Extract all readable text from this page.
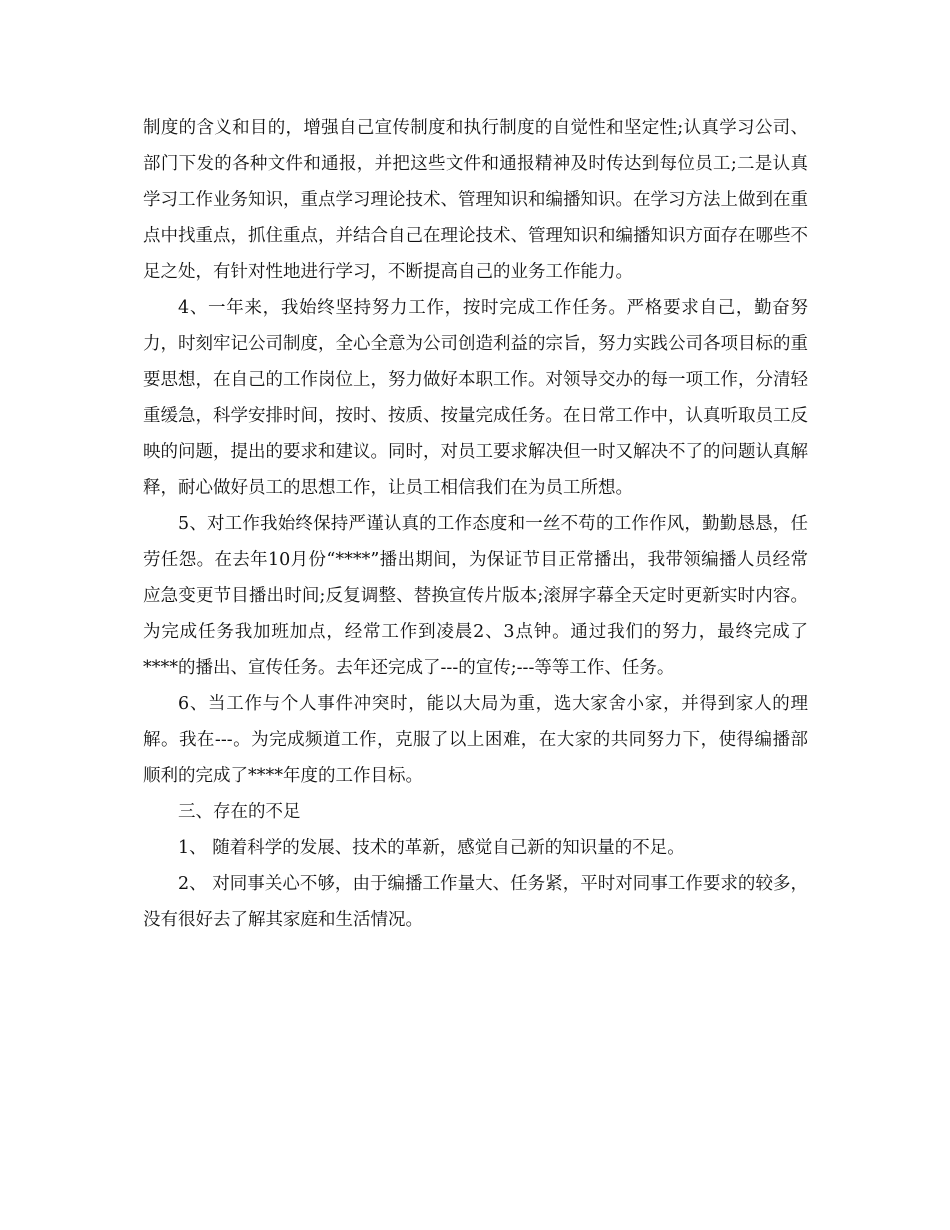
制度的含义和目的，增强自己宣传制度和执行制度的自觉性和坚定性;认真学习公司、部门下发的各种文件和通报，并把这些文件和通报精神及时传达到每位员工;二是认真学习工作业务知识，重点学习理论技术、管理知识和编播知识。在学习方法上做到在重点中找重点，抓住重点，并结合自己在理论技术、管理知识和编播知识方面存在哪些不足之处，有针对性地进行学习，不断提高自己的业务工作能力。

4、一年来，我始终坚持努力工作，按时完成工作任务。严格要求自己，勤奋努力，时刻牢记公司制度，全心全意为公司创造利益的宗旨，努力实践公司各项目标的重要思想，在自己的工作岗位上，努力做好本职工作。对领导交办的每一项工作，分清轻重缓急，科学安排时间，按时、按质、按量完成任务。在日常工作中，认真听取员工反映的问题，提出的要求和建议。同时，对员工要求解决但一时又解决不了的问题认真解释，耐心做好员工的思想工作，让员工相信我们在为员工所想。

5、对工作我始终保持严谨认真的工作态度和一丝不苟的工作作风，勤勤恳恳，任劳任怨。在去年10月份“****”播出期间，为保证节目正常播出，我带领编播人员经常应急变更节目播出时间;反复调整、替换宣传片版本;滚屏字幕全天定时更新实时内容。为完成任务我加班加点，经常工作到凌晨2、3点钟。通过我们的努力，最终完成了****的播出、宣传任务。去年还完成了---的宣传;---等等工作、任务。

6、当工作与个人事件冲突时，能以大局为重，选大家舍小家，并得到家人的理解。我在---。为完成频道工作，克服了以上困难，在大家的共同努力下，使得编播部顺利的完成了****年度的工作目标。

三、存在的不足

1、 随着科学的发展、技术的革新，感觉自己新的知识量的不足。

2、 对同事关心不够，由于编播工作量大、任务紧，平时对同事工作要求的较多，没有很好去了解其家庭和生活情况。
